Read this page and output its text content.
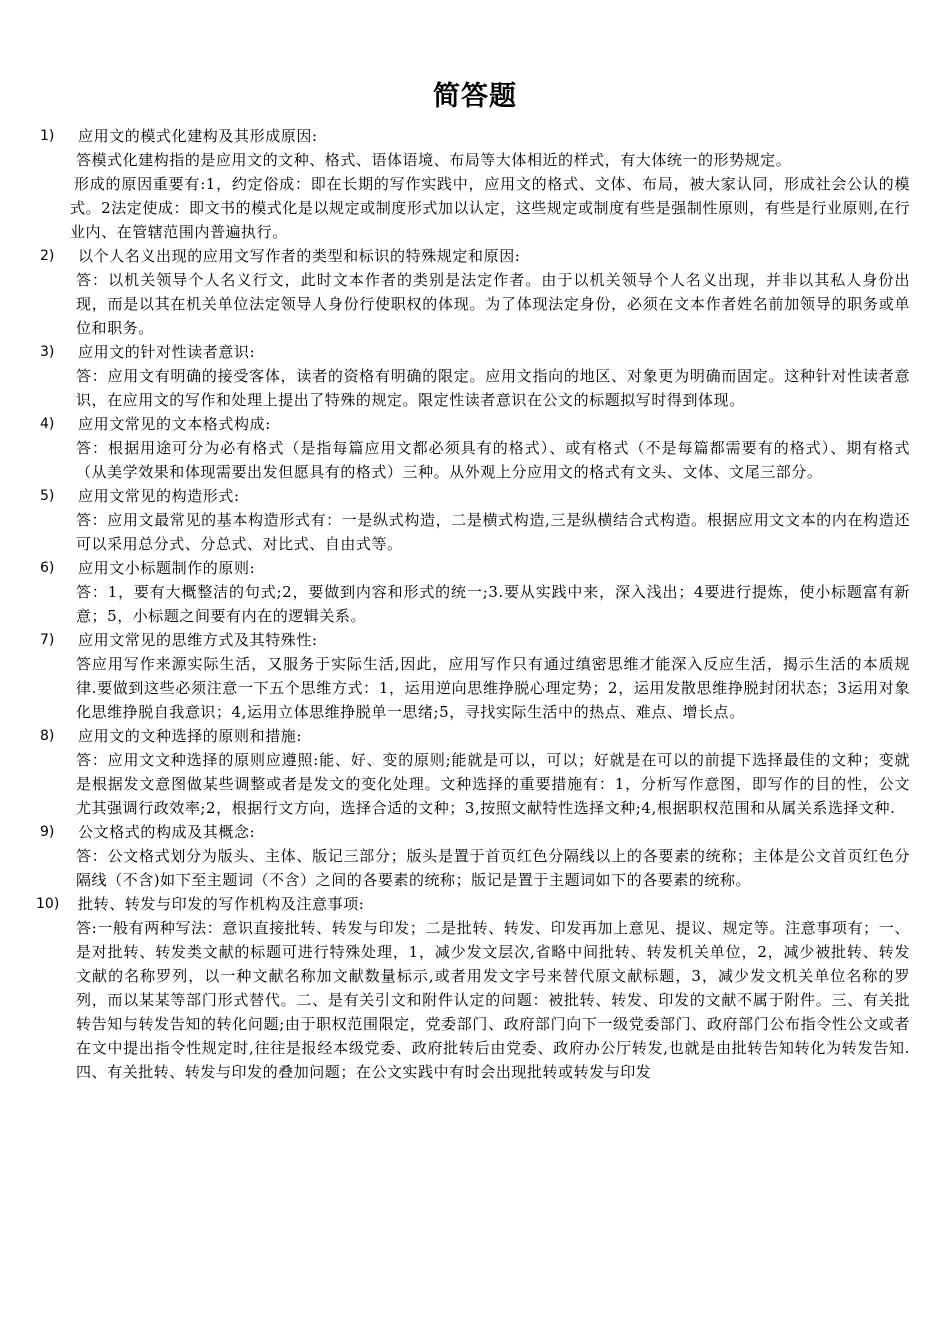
简答题
1) 应用文的模式化建构及其形成原因:

答模式化建构指的是应用文的文种、格式、语体语境、布局等大体相近的样式，有大体统一的形势规定。

形成的原因重要有:1，约定俗成：即在长期的写作实践中，应用文的格式、文体、布局，被大家认同，形成社会公认的模式。2法定使成：即文书的模式化是以规定或制度形式加以认定，这些规定或制度有些是强制性原则，有些是行业原则,在行业内、在管辖范围内普遍执行。

2) 以个人名义出现的应用文写作者的类型和标识的特殊规定和原因:

答：以机关领导个人名义行文，此时文本作者的类别是法定作者。由于以机关领导个人名义出现，并非以其私人身份出现，而是以其在机关单位法定领导人身份行使职权的体现。为了体现法定身份，必须在文本作者姓名前加领导的职务或单位和职务。

3) 应用文的针对性读者意识:

答：应用文有明确的接受客体，读者的资格有明确的限定。应用文指向的地区、对象更为明确而固定。这种针对性读者意识，在应用文的写作和处理上提出了特殊的规定。限定性读者意识在公文的标题拟写时得到体现。

4) 应用文常见的文本格式构成:

答：根据用途可分为必有格式（是指每篇应用文都必须具有的格式）、或有格式（不是每篇都需要有的格式）、期有格式（从美学效果和体现需要出发但愿具有的格式）三种。从外观上分应用文的格式有文头、文体、文尾三部分。

5) 应用文常见的构造形式:

答：应用文最常见的基本构造形式有：一是纵式构造，二是横式构造,三是纵横结合式构造。根据应用文文本的内在构造还可以采用总分式、分总式、对比式、自由式等。

6) 应用文小标题制作的原则:

答：1，要有大概整洁的句式;2，要做到内容和形式的统一;3.要从实践中来，深入浅出；4要进行提炼，使小标题富有新意；5，小标题之间要有内在的逻辑关系。

7) 应用文常见的思维方式及其特殊性:

答应用写作来源实际生活，又服务于实际生活,因此，应用写作只有通过缜密思维才能深入反应生活，揭示生活的本质规律.要做到这些必须注意一下五个思维方式：1，运用逆向思维挣脱心理定势；2，运用发散思维挣脱封闭状态；3运用对象化思维挣脱自我意识；4,运用立体思维挣脱单一思绪;5，寻找实际生活中的热点、难点、增长点。

8) 应用文的文种选择的原则和措施:

答：应用文文种选择的原则应遵照:能、好、变的原则;能就是可以，可以；好就是在可以的前提下选择最佳的文种；变就是根据发文意图做某些调整或者是发文的变化处理。文种选择的重要措施有：1，分析写作意图，即写作的目的性，公文尤其强调行政效率;2，根据行文方向，选择合适的文种；3,按照文献特性选择文种;4,根据职权范围和从属关系选择文种.

9) 公文格式的构成及其概念:

答：公文格式划分为版头、主体、版记三部分；版头是置于首页红色分隔线以上的各要素的统称；主体是公文首页红色分隔线（不含)如下至主题词（不含）之间的各要素的统称；版记是置于主题词如下的各要素的统称。

10) 批转、转发与印发的写作机构及注意事项:

答:一般有两种写法：意识直接批转、转发与印发；二是批转、转发、印发再加上意见、提议、规定等。注意事项有；一、是对批转、转发类文献的标题可进行特殊处理，1，减少发文层次,省略中间批转、转发机关单位，2，减少被批转、转发文献的名称罗列，以一种文献名称加文献数量标示,或者用发文字号来替代原文献标题，3，减少发文机关单位名称的罗列，而以某某等部门形式替代。二、是有关引文和附件认定的问题：被批转、转发、印发的文献不属于附件。三、有关批转告知与转发告知的转化问题;由于职权范围限定，党委部门、政府部门向下一级党委部门、政府部门公布指令性公文或者在文中提出指令性规定时,往往是报经本级党委、政府批转后由党委、政府办公厅转发,也就是由批转告知转化为转发告知.四、有关批转、转发与印发的叠加问题；在公文实践中有时会出现批转或转发与印发
